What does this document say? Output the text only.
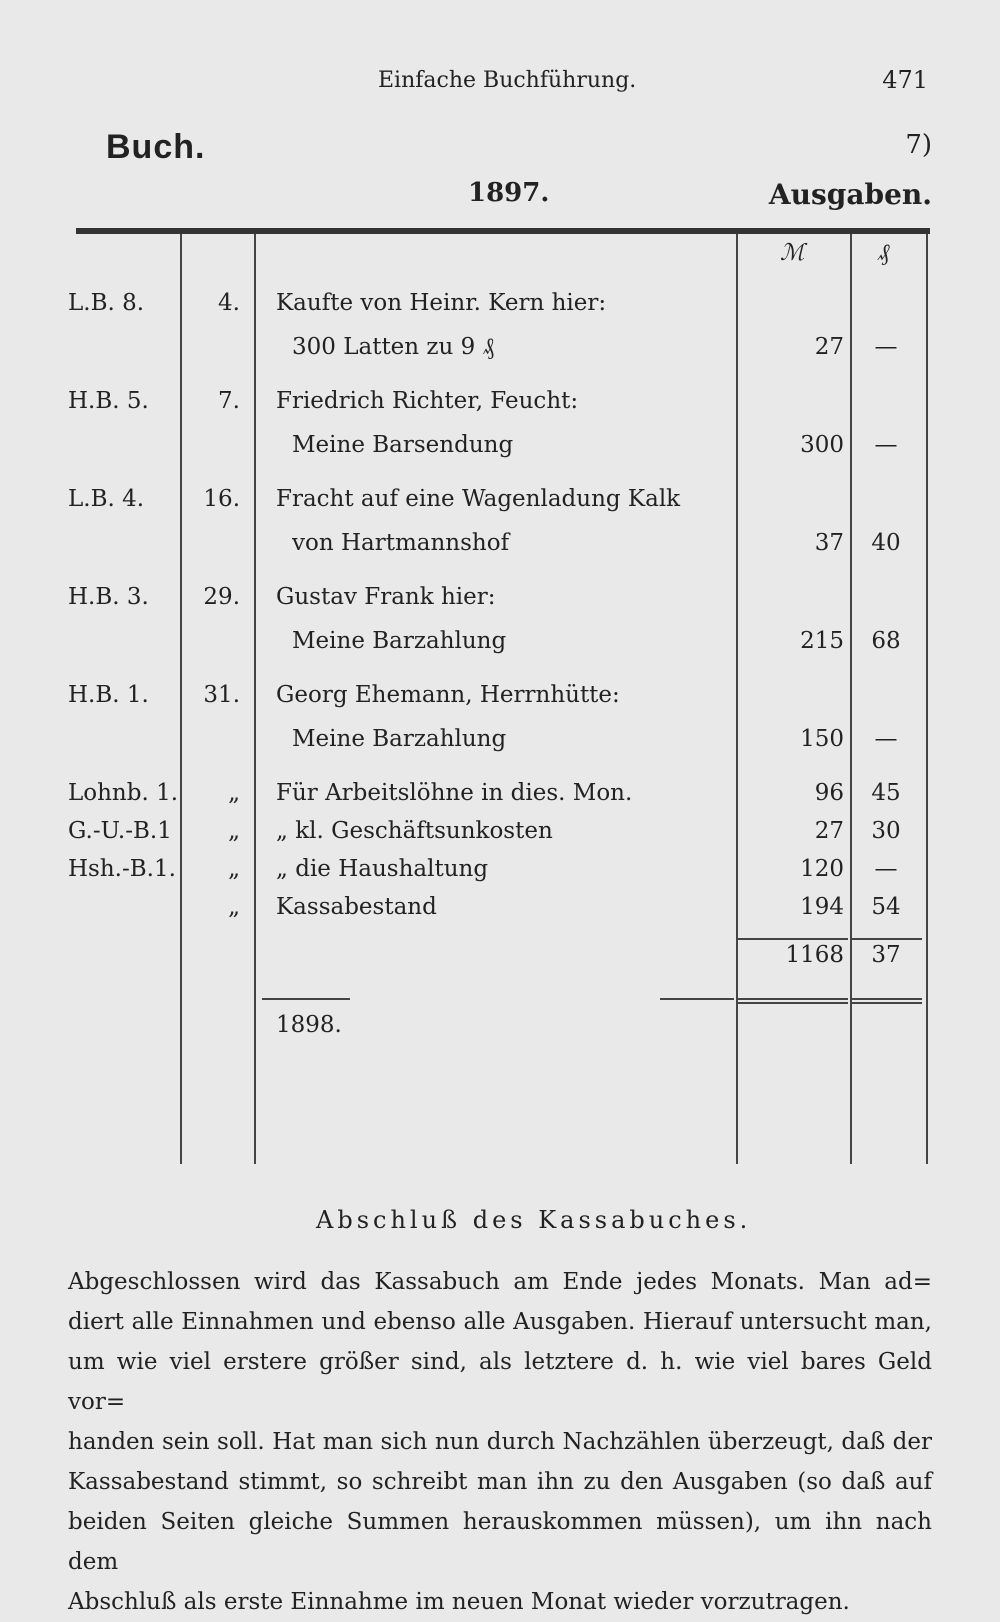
Einfache Buchführung.	471
Buch.	7)
1897.	Ausgaben.
ℳ	₰
L.B. 8.	4. Kaufte von Heinr. Kern hier:
300 Latten zu 9 ₰	27	—
H.B. 5.	7. Friedrich Richter, Feucht:
Meine Barsendung	300	—
L.B. 4.	16. Fracht auf eine Wagenladung Kalk
von Hartmannshof	37	40
H.B. 3.	29. Gustav Frank hier:
Meine Barzahlung	215	68
H.B. 1.	31. Georg Ehemann, Herrnhütte:
Meine Barzahlung	150	—
Lohnb. 1.	„ Für Arbeitslöhne in dies. Mon.	96	45
G.-U.-B.1	„ „ kl. Geschäftsunkosten	27	30
Hsh.-B.1.	„ „ die Haushaltung	120	—
„ Kassabestand	194	54
1168	37
1898.
Abschluß des Kassabuches.
Abgeschlossen wird das Kassabuch am Ende jedes Monats. Man ad=
diert alle Einnahmen und ebenso alle Ausgaben. Hierauf untersucht man,
um wie viel erstere größer sind, als letztere d. h. wie viel bares Geld vor=
handen sein soll. Hat man sich nun durch Nachzählen überzeugt, daß der
Kassabestand stimmt, so schreibt man ihn zu den Ausgaben (so daß auf
beiden Seiten gleiche Summen herauskommen müssen), um ihn nach dem
Abschluß als erste Einnahme im neuen Monat wieder vorzutragen.
